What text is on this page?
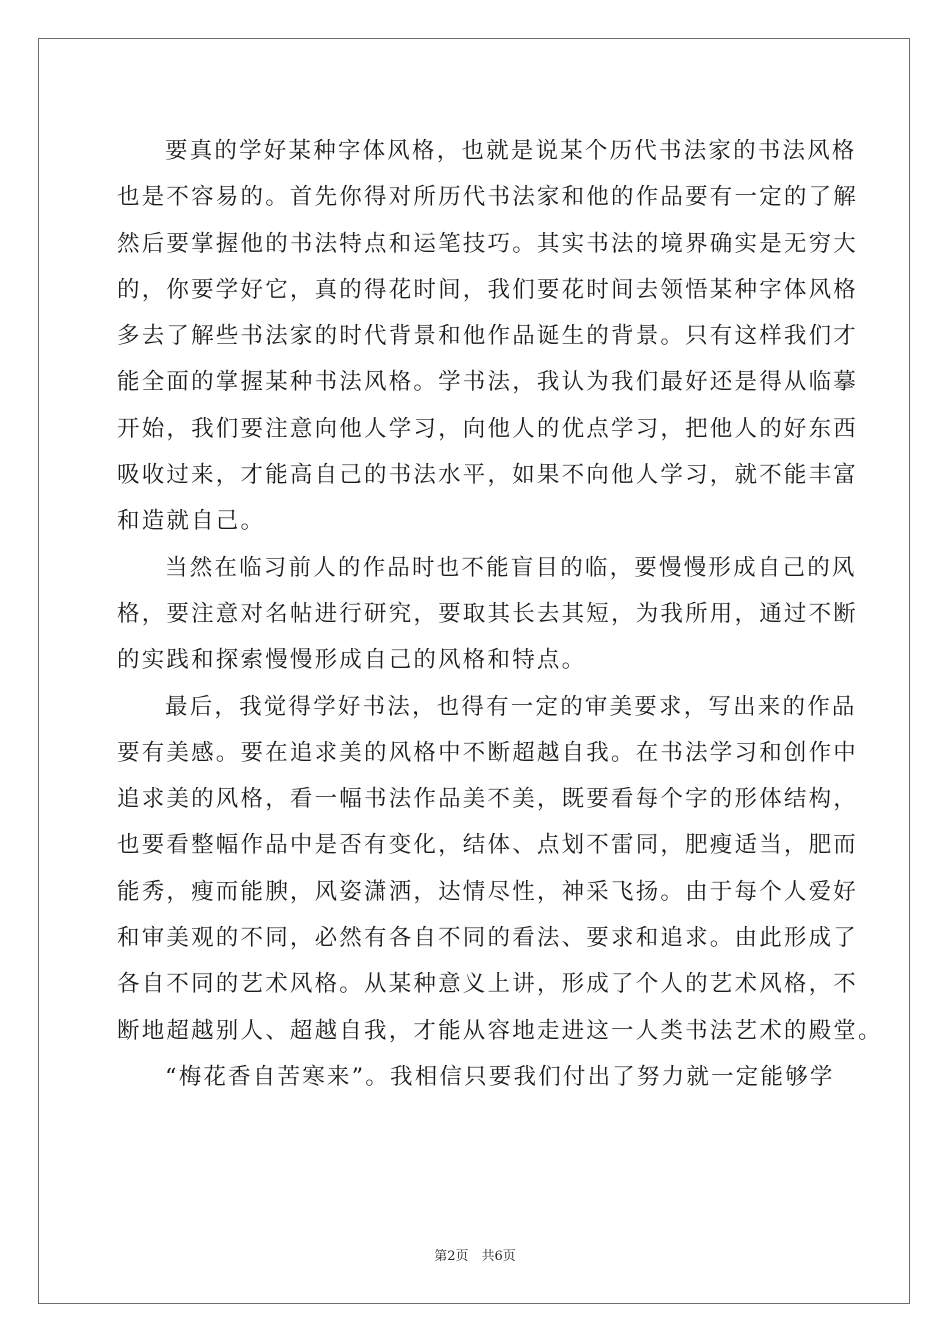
要真的学好某种字体风格，也就是说某个历代书法家的书法风格
也是不容易的。首先你得对所历代书法家和他的作品要有一定的了解
然后要掌握他的书法特点和运笔技巧。其实书法的境界确实是无穷大
的，你要学好它，真的得花时间，我们要花时间去领悟某种字体风格
多去了解些书法家的时代背景和他作品诞生的背景。只有这样我们才
能全面的掌握某种书法风格。学书法，我认为我们最好还是得从临摹
开始，我们要注意向他人学习，向他人的优点学习，把他人的好东西
吸收过来，才能高自己的书法水平，如果不向他人学习，就不能丰富
和造就自己。
当然在临习前人的作品时也不能盲目的临，要慢慢形成自己的风
格，要注意对名帖进行研究，要取其长去其短，为我所用，通过不断
的实践和探索慢慢形成自己的风格和特点。
最后，我觉得学好书法，也得有一定的审美要求，写出来的作品
要有美感。要在追求美的风格中不断超越自我。在书法学习和创作中
追求美的风格，看一幅书法作品美不美，既要看每个字的形体结构，
也要看整幅作品中是否有变化，结体、点划不雷同，肥瘦适当，肥而
能秀，瘦而能腴，风姿潇洒，达情尽性，神采飞扬。由于每个人爱好
和审美观的不同，必然有各自不同的看法、要求和追求。由此形成了
各自不同的艺术风格。从某种意义上讲，形成了个人的艺术风格，不
断地超越别人、超越自我，才能从容地走进这一人类书法艺术的殿堂。
“梅花香自苦寒来”。我相信只要我们付出了努力就一定能够学
第2页　共6页
